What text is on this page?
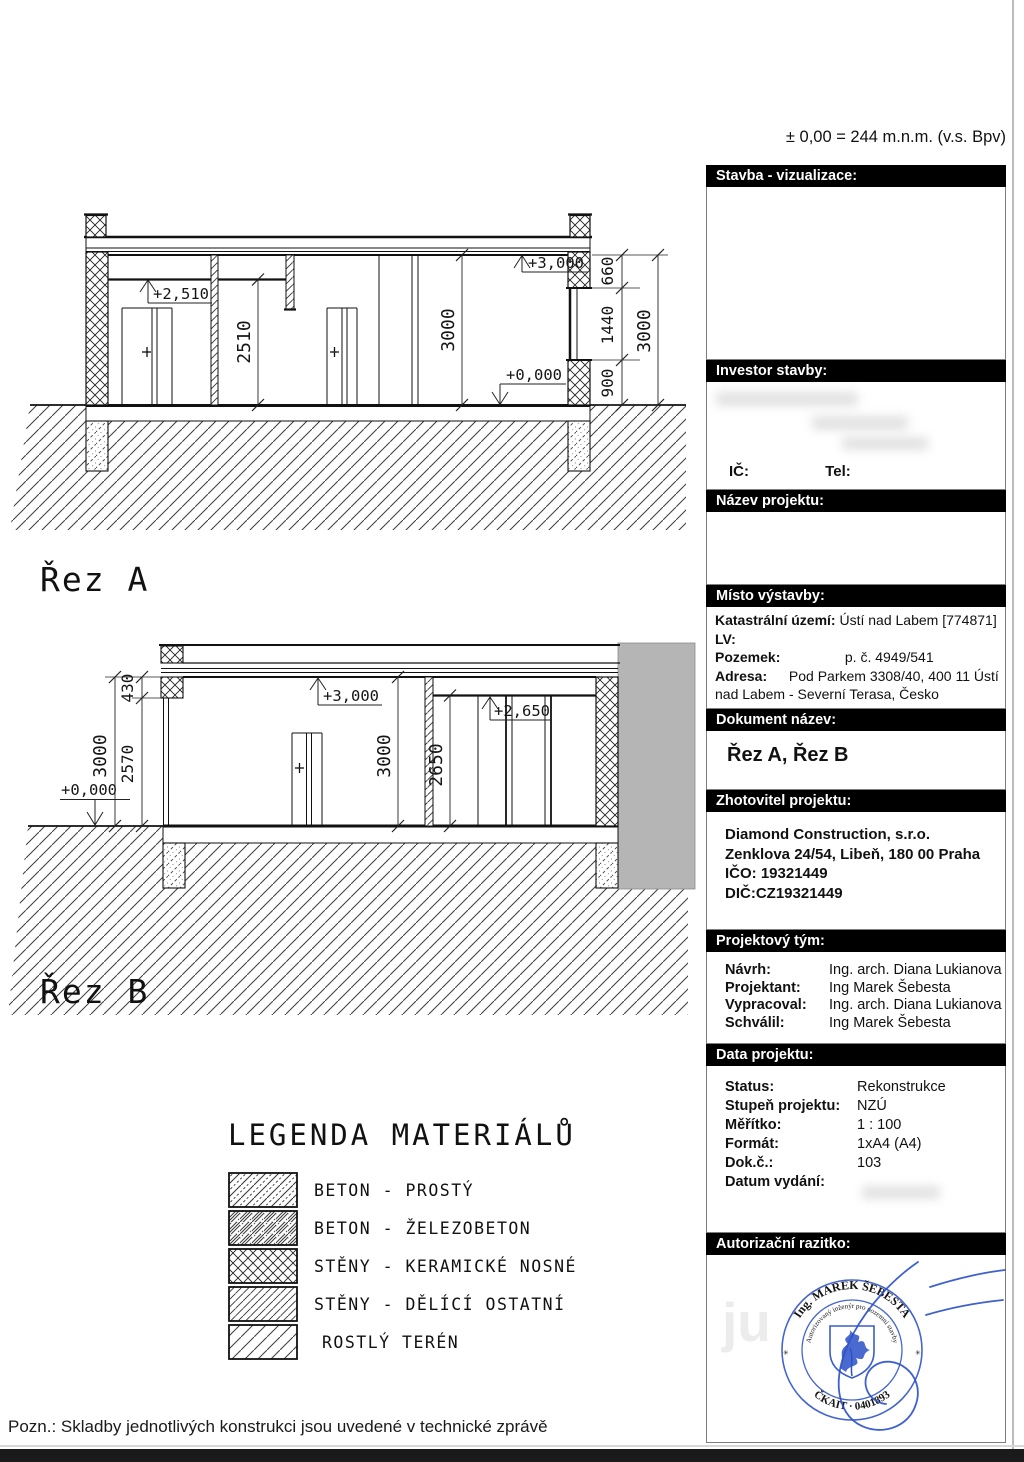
± 0,00 = 244 m.n.m. (v.s. Bpv)
2510	3000
+2,510
+3,000
+0,000
660
1440
900
3000
Řez A
3000 2650
+3,000
+2,650
+0,000
430
3000 2570
Řez B
LEGENDA MATERIÁLŮ
BETON - PROSTÝ
BETON - ŽELEZOBETON
STĚNY - KERAMICKÉ NOSNÉ
STĚNY - DĚLÍCÍ OSTATNÍ
ROSTLÝ TERÉN
Stavba - vizualizace:
Investor stavby:
IČ:	Tel:
Název projektu:
Místo výstavby:
Katastrální území: Ústí nad Labem [774871]
LV:
Pozemek:	p. č. 4949/541
Adresa: Pod Parkem 3308/40, 400 11 Ústí
nad Labem - Severní Terasa, Česko
Dokument název:
Řez A, Řez B
Zhotovitel projektu:
Diamond Construction, s.r.o.
Zenklova 24/54, Libeň, 180 00 Praha
IČO: 19321449
DIČ:CZ19321449
Projektový tým:
Návrh:	Ing. arch. Diana Lukianova
Projektant: Ing Marek Šebesta
Vypracoval: Ing. arch. Diana Lukianova
Schválil:	Ing Marek Šebesta
Data projektu:
Status:	Rekonstrukce
Stupeň projektu: NZÚ
Měřítko:	1 : 100
Formát:	1xA4 (A4)
Dok.č.:	103
Datum vydání:
Autorizační razitko:
ju Ing. MAREK ŠEBESTA
Autorizovaný inženýr pro pozemní stavby
ČKAIT · 0401893
✳	✳
Pozn.: Skladby jednotlivých konstrukci jsou uvedené v technické zprávě
